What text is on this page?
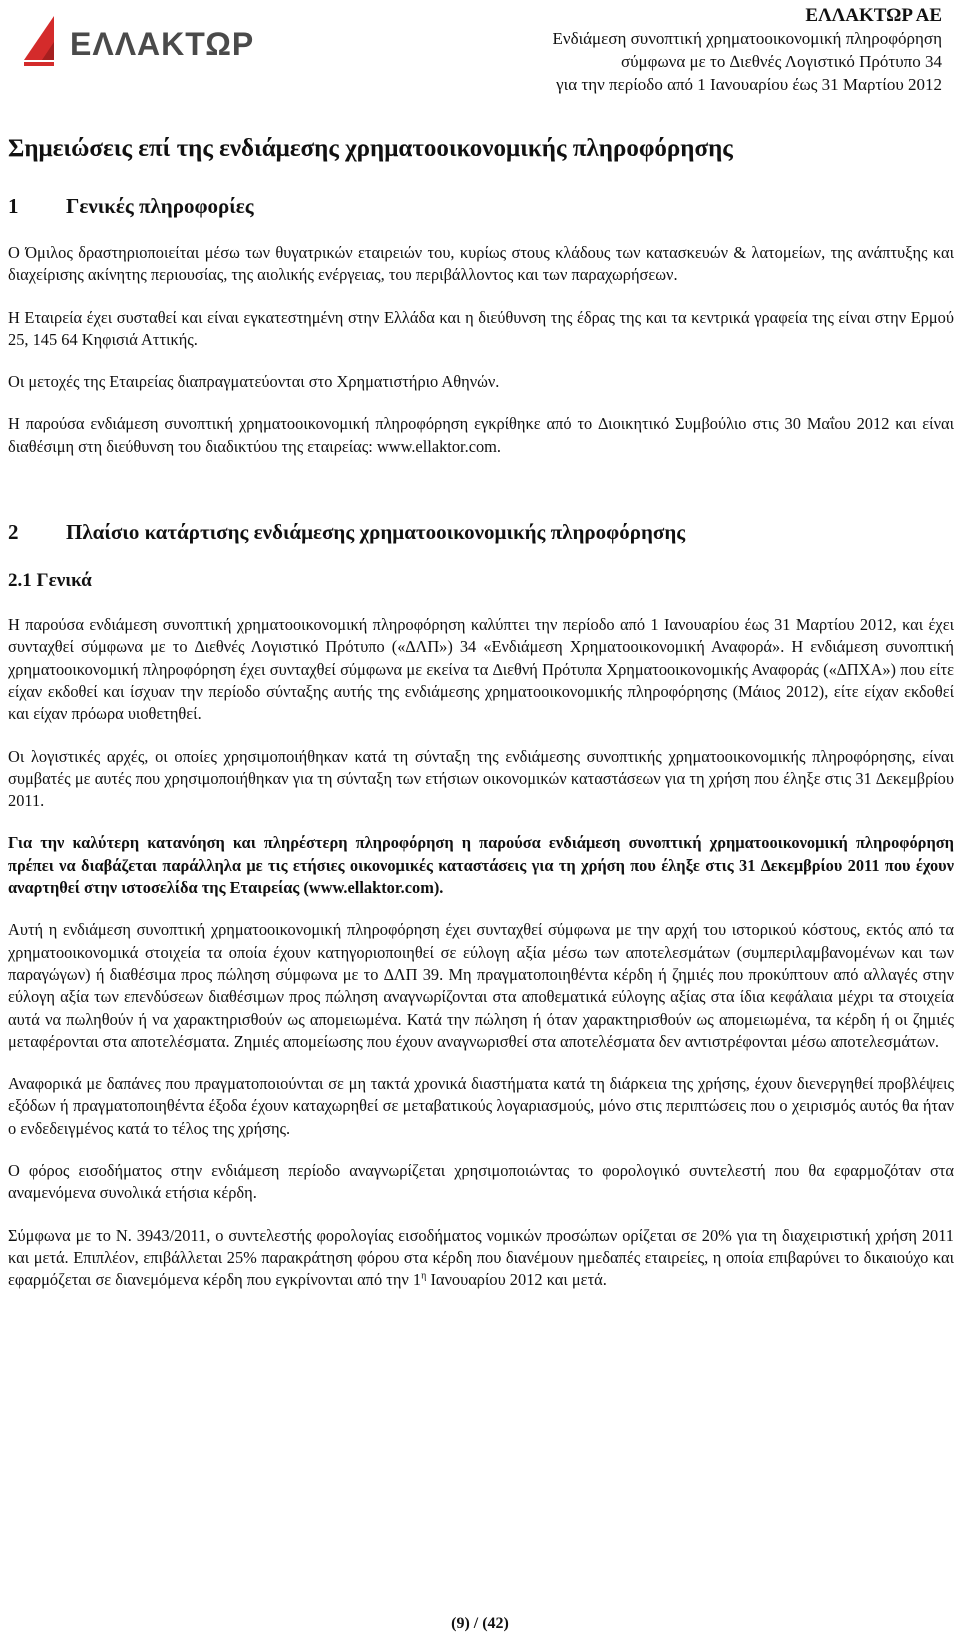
ΕΛΛΑΚΤΩΡ
ΕΛΛΑΚΤΩΡ ΑΕ
Ενδιάμεση συνοπτική χρηματοοικονομική πληροφόρηση
σύμφωνα με το ∆ιεθνές Λογιστικό Πρότυπο 34
για την περίοδο από 1 Ιανουαρίου έως 31 Μαρτίου 2012
Σημειώσεις επί της ενδιάμεσης χρηματοοικονομικής πληροφόρησης
1	Γενικές πληροφορίες

Ο Όμιλος δραστηριοποιείται μέσω των θυγατρικών εταιρειών του, κυρίως στους κλάδους των κατασκευών & λατομείων, της ανάπτυξης και διαχείρισης ακίνητης περιουσίας, της αιολικής ενέργειας, του περιβάλλοντος και των παραχωρήσεων.

Η Εταιρεία έχει συσταθεί και είναι εγκατεστημένη στην Ελλάδα και η διεύθυνση της έδρας της και τα κεντρικά γραφεία της είναι στην Ερμού 25, 145 64 Κηφισιά Αττικής.

Οι μετοχές της Εταιρείας διαπραγματεύονται στο Χρηματιστήριο Αθηνών.

Η παρούσα ενδιάμεση συνοπτική χρηματοοικονομική πληροφόρηση εγκρίθηκε από το ∆ιοικητικό Συμβούλιο στις 30 Μαΐου 2012 και είναι διαθέσιμη στη διεύθυνση του διαδικτύου της εταιρείας: www.ellaktor.com.

2	Πλαίσιο κατάρτισης ενδιάμεσης χρηματοοικονομικής πληροφόρησης
2.1 Γενικά

Η παρούσα ενδιάμεση συνοπτική χρηματοοικονομική πληροφόρηση καλύπτει την περίοδο από 1 Ιανουαρίου έως 31 Μαρτίου 2012, και έχει συνταχθεί σύμφωνα με το ∆ιεθνές Λογιστικό Πρότυπο («∆ΛΠ») 34 «Ενδιάμεση Χρηματοοικονομική Αναφορά». Η ενδιάμεση συνοπτική χρηματοοικονομική πληροφόρηση έχει συνταχθεί σύμφωνα με εκείνα τα ∆ιεθνή Πρότυπα Χρηματοοικονομικής Αναφοράς («∆ΠΧΑ») που είτε είχαν εκδοθεί και ίσχυαν την περίοδο σύνταξης αυτής της ενδιάμεσης χρηματοοικονομικής πληροφόρησης (Μάιος 2012), είτε είχαν εκδοθεί και είχαν πρόωρα υιοθετηθεί.

Οι λογιστικές αρχές, οι οποίες χρησιμοποιήθηκαν κατά τη σύνταξη της ενδιάμεσης συνοπτικής χρηματοοικονομικής πληροφόρησης, είναι συμβατές με αυτές που χρησιμοποιήθηκαν για τη σύνταξη των ετήσιων οικονομικών καταστάσεων για τη χρήση που έληξε στις 31 ∆εκεμβρίου 2011.

Για την καλύτερη κατανόηση και πληρέστερη πληροφόρηση η παρούσα ενδιάμεση συνοπτική χρηματοοικονομική πληροφόρηση πρέπει να διαβάζεται παράλληλα με τις ετήσιες οικονομικές καταστάσεις για τη χρήση που έληξε στις 31 ∆εκεμβρίου 2011 που έχουν αναρτηθεί στην ιστοσελίδα της Εταιρείας (www.ellaktor.com).

Αυτή η ενδιάμεση συνοπτική χρηματοοικονομική πληροφόρηση έχει συνταχθεί σύμφωνα με την αρχή του ιστορικού κόστους, εκτός από τα χρηματοοικονομικά στοιχεία τα οποία έχουν κατηγοριοποιηθεί σε εύλογη αξία μέσω των αποτελεσμάτων (συμπεριλαμβανομένων και των παραγώγων) ή διαθέσιμα προς πώληση σύμφωνα με το ∆ΛΠ 39. Μη πραγματοποιηθέντα κέρδη ή ζημιές που προκύπτουν από αλλαγές στην εύλογη αξία των επενδύσεων διαθέσιμων προς πώληση αναγνωρίζονται στα αποθεματικά εύλογης αξίας στα ίδια κεφάλαια μέχρι τα στοιχεία αυτά να πωληθούν ή να χαρακτηρισθούν ως απομειωμένα. Κατά την πώληση ή όταν χαρακτηρισθούν ως απομειωμένα, τα κέρδη ή οι ζημιές μεταφέρονται στα αποτελέσματα. Ζημιές απομείωσης που έχουν αναγνωρισθεί στα αποτελέσματα δεν αντιστρέφονται μέσω αποτελεσμάτων.

Αναφορικά με δαπάνες που πραγματοποιούνται σε μη τακτά χρονικά διαστήματα κατά τη διάρκεια της χρήσης, έχουν διενεργηθεί προβλέψεις εξόδων ή πραγματοποιηθέντα έξοδα έχουν καταχωρηθεί σε μεταβατικούς λογαριασμούς, μόνο στις περιπτώσεις που ο χειρισμός αυτός θα ήταν ο ενδεδειγμένος κατά το τέλος της χρήσης.

Ο φόρος εισοδήματος στην ενδιάμεση περίοδο αναγνωρίζεται χρησιμοποιώντας το φορολογικό συντελεστή που θα εφαρμοζόταν στα αναμενόμενα συνολικά ετήσια κέρδη.

Σύμφωνα με το Ν. 3943/2011, ο συντελεστής φορολογίας εισοδήματος νομικών προσώπων ορίζεται σε 20% για τη διαχειριστική χρήση 2011 και μετά. Επιπλέον, επιβάλλεται 25% παρακράτηση φόρου στα κέρδη που διανέμουν ημεδαπές εταιρείες, η οποία επιβαρύνει το δικαιούχο και εφαρμόζεται σε διανεμόμενα κέρδη που εγκρίνονται από την $1^\eta$ Ιανουαρίου 2012 και μετά.

(9) / (42)
